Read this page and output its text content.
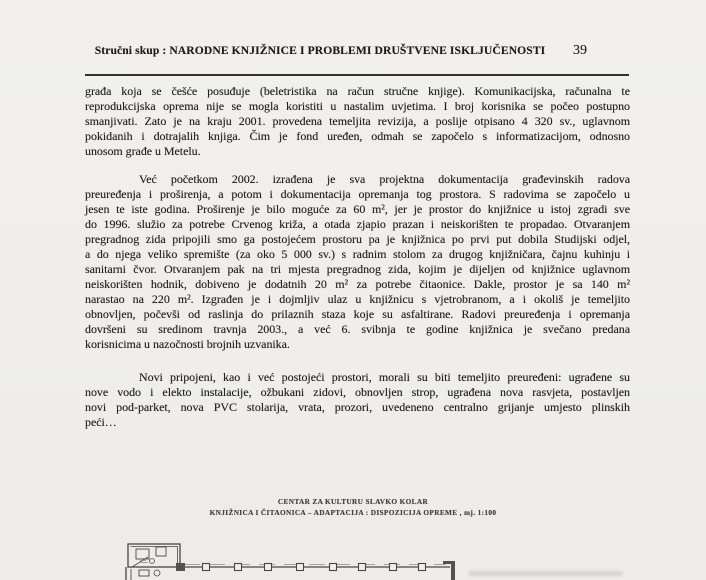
Stručni skup : NARODNE KNJIŽNICE I PROBLEMI DRUŠTVENE ISKLJUČENOSTI	39
građa koja se češće posuđuje (beletristika na račun stručne knjige). Komunikacijska, računalna te
reprodukcijska oprema nije se mogla koristiti u nastalim uvjetima. I broj korisnika se počeo postupno
smanjivati. Zato je na kraju 2001. provedena temeljita revizija, a poslije otpisano 4 320 sv., uglavnom
pokidanih i dotrajalih knjiga. Čim je fond uređen, odmah se započelo s informatizacijom, odnosno
unosom građe u Metelu.
Već početkom 2002. izrađena je sva projektna dokumentacija građevinskih radova
preuređenja i proširenja, a potom i dokumentacija opremanja tog prostora. S radovima se započelo u
jesen te iste godina. Proširenje je bilo moguće za 60 m², jer je prostor do knjižnice u istoj zgradi sve
do 1996. služio za potrebe Crvenog križa, a otada zjapio prazan i neiskorišten te propadao. Otvaranjem
pregradnog zida pripojili smo ga postojećem prostoru pa je knjižnica po prvi put dobila Studijski odjel,
a do njega veliko spremište (za oko 5 000 sv.) s radnim stolom za drugog knjižničara, čajnu kuhinju i
sanitarni čvor. Otvaranjem pak na tri mjesta pregradnog zida, kojim je dijeljen od knjižnice uglavnom
neiskorišten hodnik, dobiveno je dodatnih 20 m² za potrebe čitaonice. Dakle, prostor je sa 140 m²
narastao na 220 m². Izgrađen je i dojmljiv ulaz u knjižnicu s vjetrobranom, a i okoliš je temeljito
obnovljen, počevši od raslinja do prilaznih staza koje su asfaltirane. Radovi preuređenja i opremanja
dovršeni su sredinom travnja 2003., a već 6. svibnja te godine knjižnica je svečano predana
korisnicima u nazočnosti brojnih uzvanika.
Novi pripojeni, kao i već postojeći prostori, morali su biti temeljito preuređeni: ugrađene su
nove vodo i elekto instalacije, ožbukani zidovi, obnovljen strop, ugrađena nova rasvjeta, postavljen
novi pod-parket, nova PVC stolarija, vrata, prozori, uvedeneno centralno grijanje umjesto plinskih
peći…
CENTAR ZA KULTURU SLAVKO KOLAR
KNJIŽNICA I ČITAONICA – ADAPTACIJA : DISPOZICIJA OPREME , mj. 1:100
